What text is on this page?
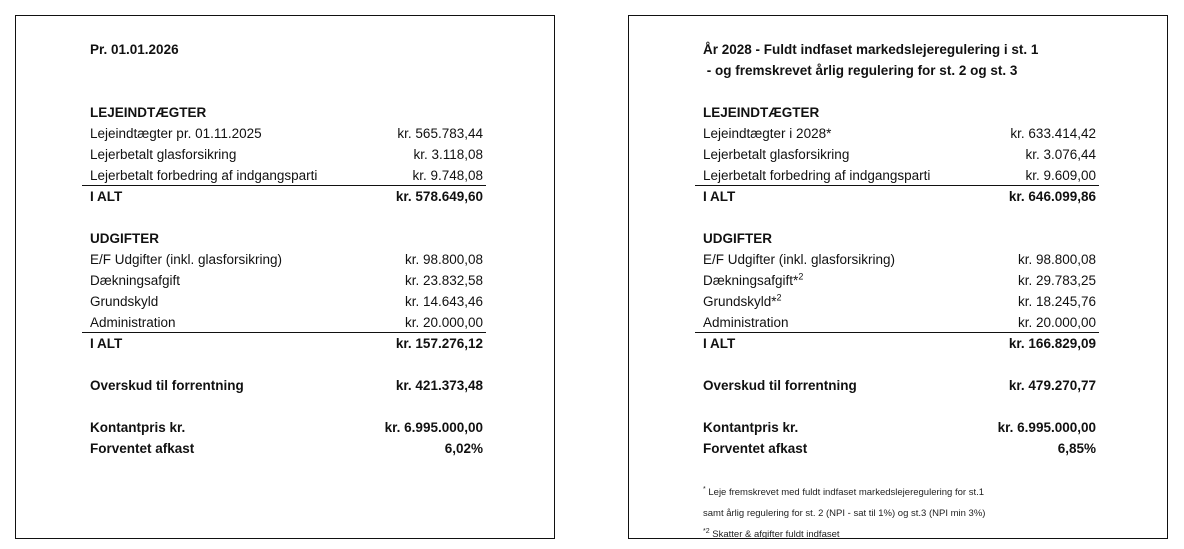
Pr. 01.01.2026
LEJEINDTÆGTER
Lejeindtægter pr. 01.11.2025	kr. 565.783,44
Lejerbetalt glasforsikring	kr. 3.118,08
Lejerbetalt forbedring af indgangsparti	kr. 9.748,08
I ALT	kr. 578.649,60
UDGIFTER
E/F Udgifter (inkl. glasforsikring)	kr. 98.800,08
Dækningsafgift	kr. 23.832,58
Grundskyld	kr. 14.643,46
Administration	kr. 20.000,00
I ALT	kr. 157.276,12
Overskud til forrentning	kr. 421.373,48
Kontantpris kr.	kr. 6.995.000,00
Forventet afkast	6,02%
År 2028 - Fuldt indfaset markedslejeregulering i st. 1
- og fremskrevet årlig regulering for st. 2 og st. 3
LEJEINDTÆGTER
Lejeindtægter i 2028*	kr. 633.414,42
Lejerbetalt glasforsikring	kr. 3.076,44
Lejerbetalt forbedring af indgangsparti	kr. 9.609,00
I ALT	kr. 646.099,86
UDGIFTER
E/F Udgifter (inkl. glasforsikring)	kr. 98.800,08
Dækningsafgift*$^2$	kr. 29.783,25
Grundskyld*$^2$	kr. 18.245,76
Administration	kr. 20.000,00
I ALT	kr. 166.829,09
Overskud til forrentning	kr. 479.270,77
Kontantpris kr.	kr. 6.995.000,00
Forventet afkast	6,85%
* Leje fremskrevet med fuldt indfaset markedslejeregulering for st.1
samt årlig regulering for st. 2 (NPI - sat til 1%) og st.3 (NPI min 3%)
$^{*2}$ Skatter & afgifter fuldt indfaset
